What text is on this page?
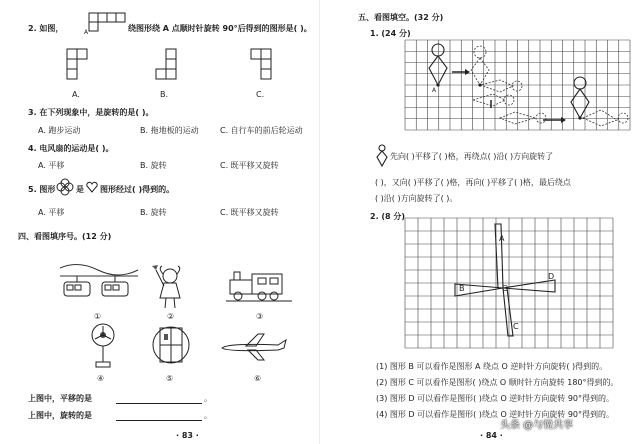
2. 如图，	A	绕图形绕 A 点顺时针旋转 90°后得到的图形是( )。
A.	B.	C.
3. 在下列现象中，是旋转的是( )。
A. 跑步运动	B. 拖地板的运动	C. 自行车的前后轮运动
4. 电风扇的运动是( )。
A. 平移	B. 旋转	C. 既平移又旋转
5. 图形	是 图形经过( )得到的。
A. 平移	B. 旋转	C. 既平移又旋转
四、看图填序号。(12 分)
①	②	③
④	⑤	⑥
上图中，平移的是	。
上图中，旋转的是	。
· 83 ·
五、看图填空。(32 分)
1. (24 分)
A
先向( )平移了( )格，再绕点( )沿( )方向旋转了
( )，又向( )平移了( )格，再向( )平移了( )格，最后绕点
( )沿( )方向旋转了( )。
2. (8 分)
A
B
C
D
O
(1) 图形 B 可以看作是图形 A 绕点 O 逆时针方向旋转( )得到的。
(2) 图形 C 可以看作是图形( )绕点 O 顺时针方向旋转 180°得到的。
(3) 图形 D 可以看作是图形( )绕点 O 逆时针方向旋转 90°得到的。
(4) 图形 D 可以看作是图形( )绕点 O 逆时针方向旋转 90°得到的。
· 84 ·
头条 @与悦共享
